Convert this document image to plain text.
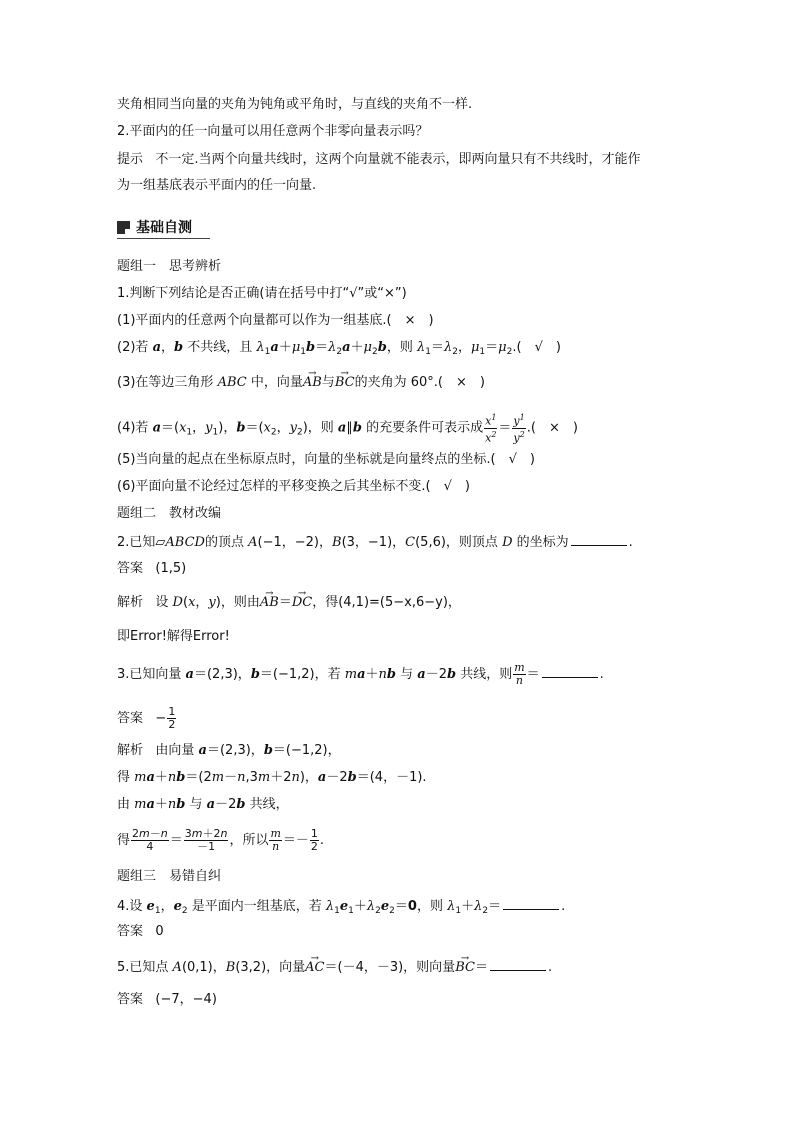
夹角相同当向量的夹角为钝角或平角时，与直线的夹角不一样.
2.平面内的任一向量可以用任意两个非零向量表示吗？
提示 不一定.当两个向量共线时，这两个向量就不能表示，即两向量只有不共线时，才能作
为一组基底表示平面内的任一向量.
基础自测
题组一　思考辨析
1.判断下列结论是否正确(请在括号中打“√”或“×”)
(1)平面内的任意两个向量都可以作为一组基底.(　×　)
(2)若 a，b 不共线，且 $\lambda_1a+\mu_1b=\lambda_2a+\mu_2b$，则 $\lambda_1=\lambda_2$，$\mu_1=\mu_2$.(　√　)
(3)在等边三角形 ABC 中，向量→ AB与→ BC的夹角为 60°.(　×　)
(4)若 $a=(x_1$，$y_1$)，$b=(x_2$，$y_2$)，则 a∥b 的充要条件可表示成 $\frac{x^1}{x^2} = \frac{y^1}{y^2}$ .(　×　)
(5)当向量的起点在坐标原点时，向量的坐标就是向量终点的坐标.(　√　)
(6)平面向量不论经过怎样的平移变换之后其坐标不变.(　√　)
题组二　教材改编
2.已知▱ABCD的顶点 A(−1，−2)，B(3，−1)，C(5,6)，则顶点 D 的坐标为	.
答案 (1,5)
解析   设 D(x，y)，则由→ AB＝→ DC，得(4,1)=(5−x,6−y)，
即Error!解得Error!
3.已知向量 a＝(2,3)，b＝(−1,2)，若 ma＋nb 与 a－2b 共线，则 $\frac{m}{n}$ ＝	.
答案   − $\frac{1}{2}$
解析   由向量 a＝(2,3)，b＝(−1,2)，
得 ma＋nb＝(2m－n,3m＋2n)，a－2b＝(4，－1).
由 ma＋nb 与 a－2b 共线，
得 $\frac{2m-n}{4} = \frac{3m+2n}{-1}$ ，所以 $\frac{m}{n} =- \frac{1}{2}$ .
题组三　易错自纠
4.设 $e_1$，$e_2$ 是平面内一组基底，若 $\lambda_1e_1+\lambda_2e_2=0$，则 $\lambda_1+\lambda_2=$	.
答案 0
5.已知点 A(0,1)，B(3,2)，向量→ AC＝(－4，－3)，则向量→ BC＝	.
答案 (−7，−4)
